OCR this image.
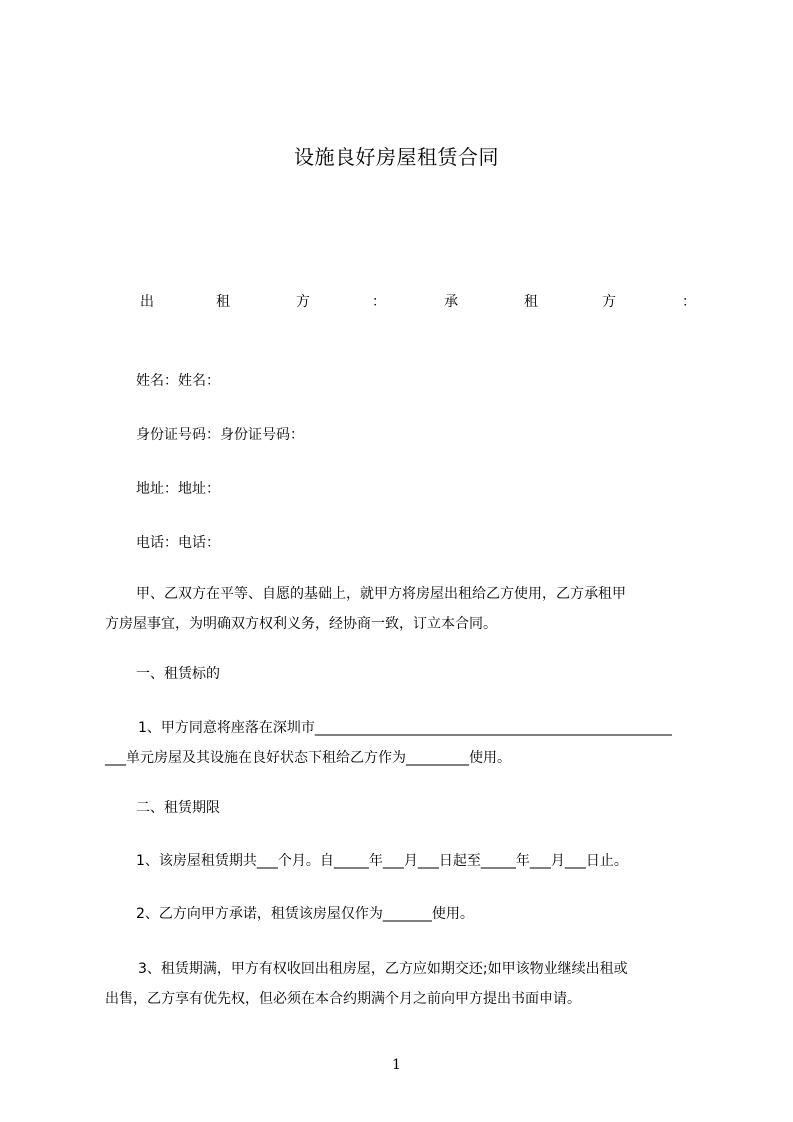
设施良好房屋租赁合同
出	租	方	：	承	租	方	：
姓名：姓名：
身份证号码：身份证号码：
地址：地址：
电话：电话：
甲、乙双方在平等、自愿的基础上，就甲方将房屋出租给乙方使用，乙方承租甲
方房屋事宜，为明确双方权利义务，经协商一致，订立本合同。
一、租赁标的
1、甲方同意将座落在深圳市___________________________________________________
___单元房屋及其设施在良好状态下租给乙方作为_________使用。
二、租赁期限
1、该房屋租赁期共___个月。自_____年___月___日起至_____年___月___日止。
2、乙方向甲方承诺，租赁该房屋仅作为_______使用。
3、租赁期满，甲方有权收回出租房屋，乙方应如期交还;如甲该物业继续出租或
出售，乙方享有优先权，但必须在本合约期满个月之前向甲方提出书面申请。
1
